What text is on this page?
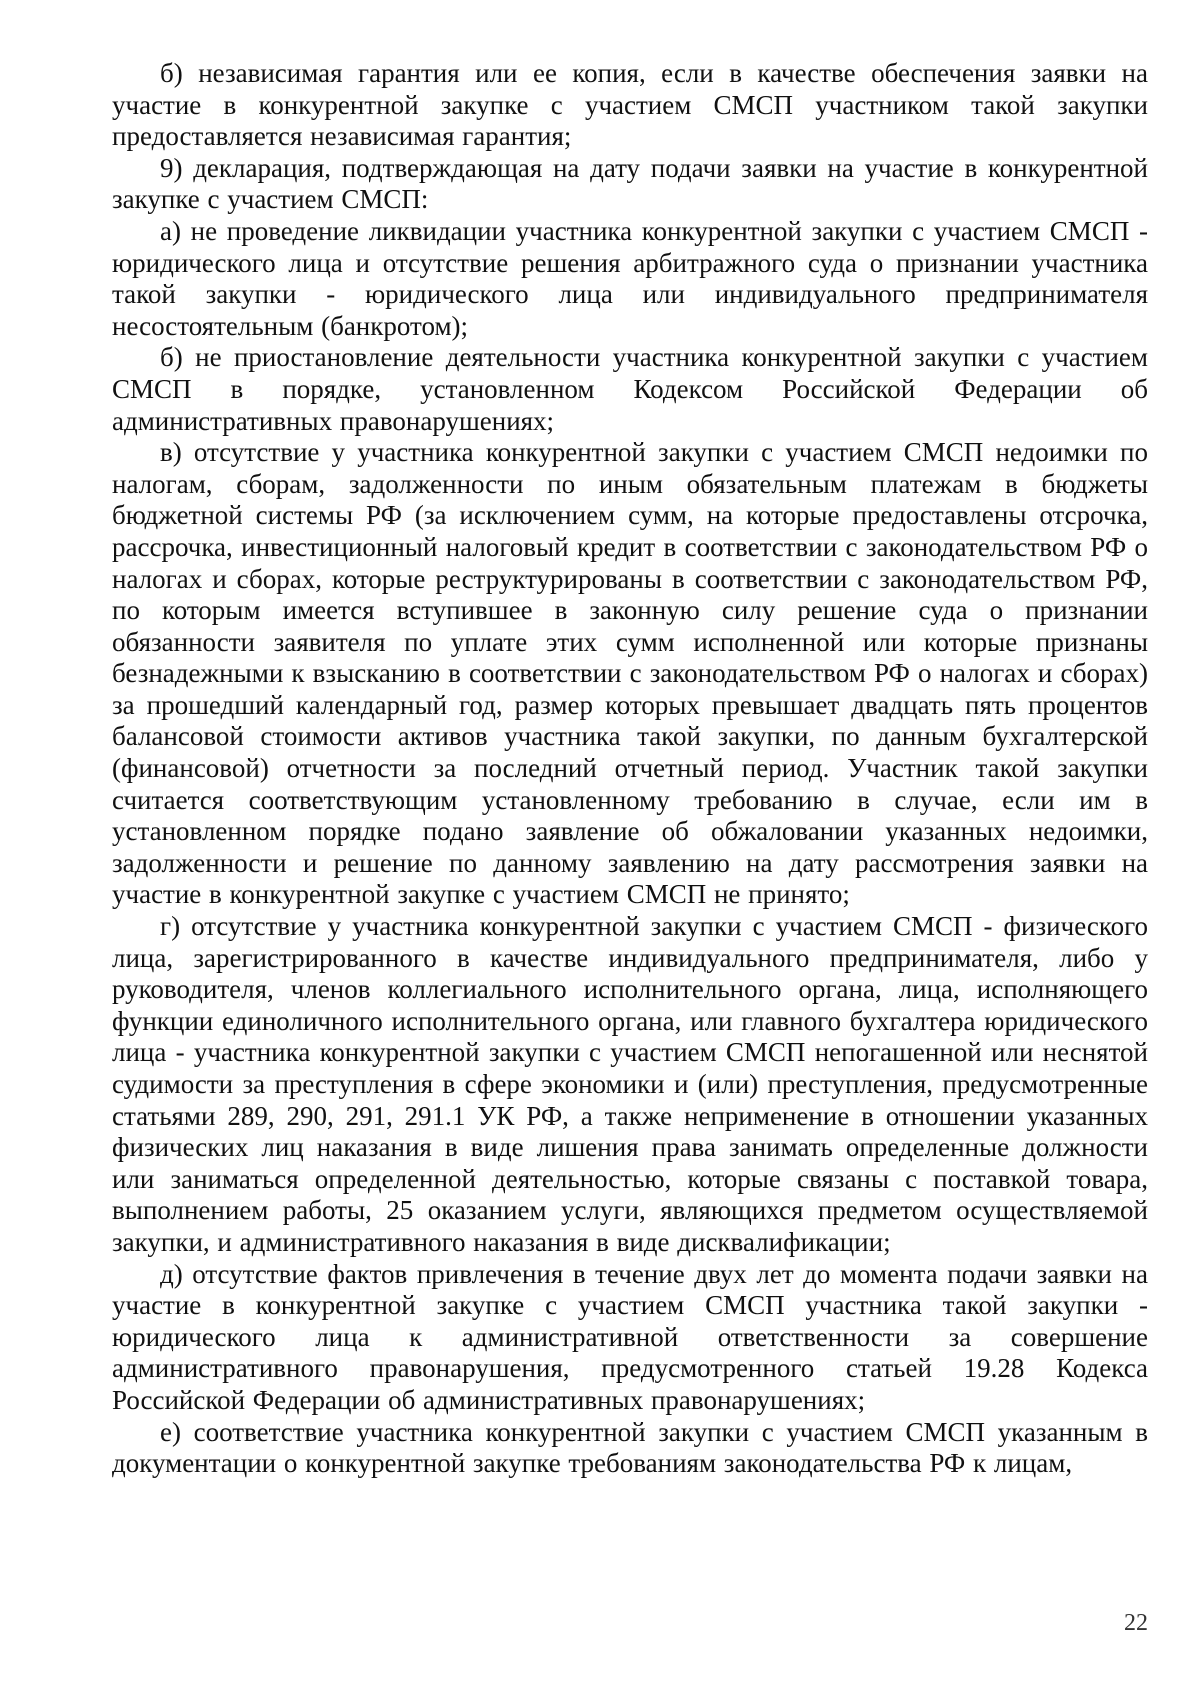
б) независимая гарантия или ее копия, если в качестве обеспечения заявки на участие в конкурентной закупке с участием СМСП участником такой закупки предоставляется независимая гарантия;

9) декларация, подтверждающая на дату подачи заявки на участие в конкурентной закупке с участием СМСП:

а) не проведение ликвидации участника конкурентной закупки с участием СМСП - юридического лица и отсутствие решения арбитражного суда о признании участника такой закупки - юридического лица или индивидуального предпринимателя несостоятельным (банкротом);

б) не приостановление деятельности участника конкурентной закупки с участием СМСП в порядке, установленном Кодексом Российской Федерации об административных правонарушениях;

в) отсутствие у участника конкурентной закупки с участием СМСП недоимки по налогам, сборам, задолженности по иным обязательным платежам в бюджеты бюджетной системы РФ (за исключением сумм, на которые предоставлены отсрочка, рассрочка, инвестиционный налоговый кредит в соответствии с законодательством РФ о налогах и сборах, которые реструктурированы в соответствии с законодательством РФ, по которым имеется вступившее в законную силу решение суда о признании обязанности заявителя по уплате этих сумм исполненной или которые признаны безнадежными к взысканию в соответствии с законодательством РФ о налогах и сборах) за прошедший календарный год, размер которых превышает двадцать пять процентов балансовой стоимости активов участника такой закупки, по данным бухгалтерской (финансовой) отчетности за последний отчетный период. Участник такой закупки считается соответствующим установленному требованию в случае, если им в установленном порядке подано заявление об обжаловании указанных недоимки, задолженности и решение по данному заявлению на дату рассмотрения заявки на участие в конкурентной закупке с участием СМСП не принято;

г) отсутствие у участника конкурентной закупки с участием СМСП - физического лица, зарегистрированного в качестве индивидуального предпринимателя, либо у руководителя, членов коллегиального исполнительного органа, лица, исполняющего функции единоличного исполнительного органа, или главного бухгалтера юридического лица - участника конкурентной закупки с участием СМСП непогашенной или неснятой судимости за преступления в сфере экономики и (или) преступления, предусмотренные статьями 289, 290, 291, 291.1 УК РФ, а также неприменение в отношении указанных физических лиц наказания в виде лишения права занимать определенные должности или заниматься определенной деятельностью, которые связаны с поставкой товара, выполнением работы, 25 оказанием услуги, являющихся предметом осуществляемой закупки, и административного наказания в виде дисквалификации;

д) отсутствие фактов привлечения в течение двух лет до момента подачи заявки на участие в конкурентной закупке с участием СМСП участника такой закупки - юридического лица к административной ответственности за совершение административного правонарушения, предусмотренного статьей 19.28 Кодекса Российской Федерации об административных правонарушениях;

е) соответствие участника конкурентной закупки с участием СМСП указанным в документации о конкурентной закупке требованиям законодательства РФ к лицам,

22
